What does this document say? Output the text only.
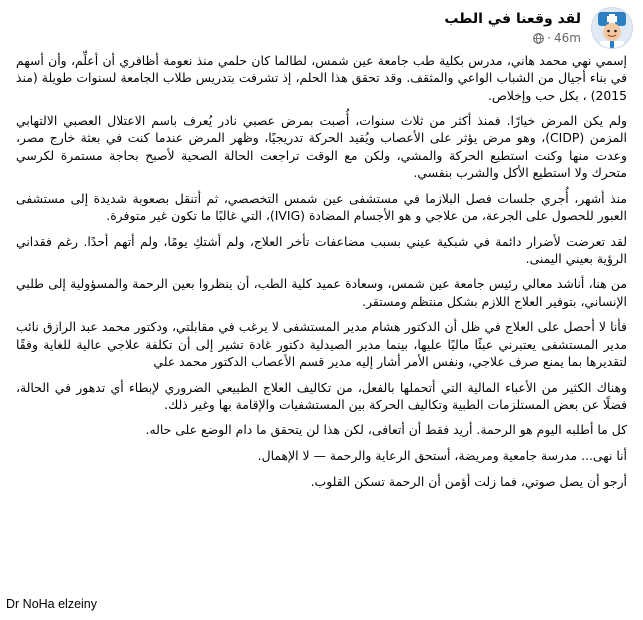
لقد وقعنا في الطب
46m
·

إسمي نهي محمد هاني، مدرس بكلية طب جامعة عين شمس، لطالما كان حلمي منذ نعومة أظافري أن أعلِّم، وأن أسهم في بناء أجيال من الشباب الواعي والمثقف. وقد تحقق هذا الحلم، إذ تشرفت بتدريس طلاب الجامعة لسنوات طويلة (منذ 2015) ، بكل حب وإخلاص.

ولم يكن المرض خيارًا. فمنذ أكثر من ثلاث سنوات، أُصبت بمرض عصبي نادر يُعرف باسم الاعتلال العصبي الالتهابي المزمن (CIDP)، وهو مرض يؤثر على الأعصاب ويُقيد الحركة تدريجيًا، وظهر المرض عندما كنت في بعثة خارج مصر، وعدت منها وكنت استطيع الحركة والمشي، ولكن مع الوقت تراجعت الحالة الصحية لأصبح بحاجة مستمرة لكرسي متحرك ولا استطيع الأكل والشرب بنفسي.

منذ أشهر، أُجري جلسات فصل البلازما في مستشفى عين شمس التخصصي، ثم أتنقل بصعوبة شديدة إلى مستشفى العبور للحصول على الجرعة، من علاجي و هو الأجسام المضادة (IVIG)، التي غالبًا ما تكون غير متوفرة.

لقد تعرضت لأضرار دائمة في شبكية عيني بسبب مضاعفات تأخر العلاج، ولم أشتكِ يومًا، ولم أتهم أحدًا. رغم فقداني الرؤية بعيني اليمنى.

من هنا، أناشد معالي رئيس جامعة عين شمس، وسعادة عميد كلية الطب، أن ينظروا بعين الرحمة والمسؤولية إلى طلبي الإنساني، بتوفير العلاج اللازم بشكل منتظم ومستقر.

فأنا لا أحصل على العلاج في ظل أن الدكتور هشام مدير المستشفى لا يرغب في مقابلتي، ودكتور محمد عبد الرازق نائب مدير المستشفى يعتبرني عبئًا ماليًا عليها، بينما مدير الصيدلية دكتور غادة تشير إلى أن تكلفة علاجي عالية للغاية وفقًا لتقديرها بما يمنع صرف علاجي، ونفس الأمر أشار إليه مدير قسم الأعصاب الدكتور محمد علي

وهناك الكثير من الأعباء المالية التي أتحملها بالفعل، من تكاليف العلاج الطبيعي الضروري لإبطاء أي تدهور في الحالة، فضلًا عن بعض المستلزمات الطبية وتكاليف الحركة بين المستشفيات والإقامة بها وغير ذلك.

كل ما أطلبه اليوم هو الرحمة. أريد فقط أن أتعافى، لكن هذا لن يتحقق ما دام الوضع على حاله.

أنا نهى... مدرسة جامعية ومريضة، أستحق الرعاية والرحمة — لا الإهمال.

أرجو أن يصل صوتي، فما زلت أؤمن أن الرحمة تسكن القلوب.

Dr NoHa elzeiny
